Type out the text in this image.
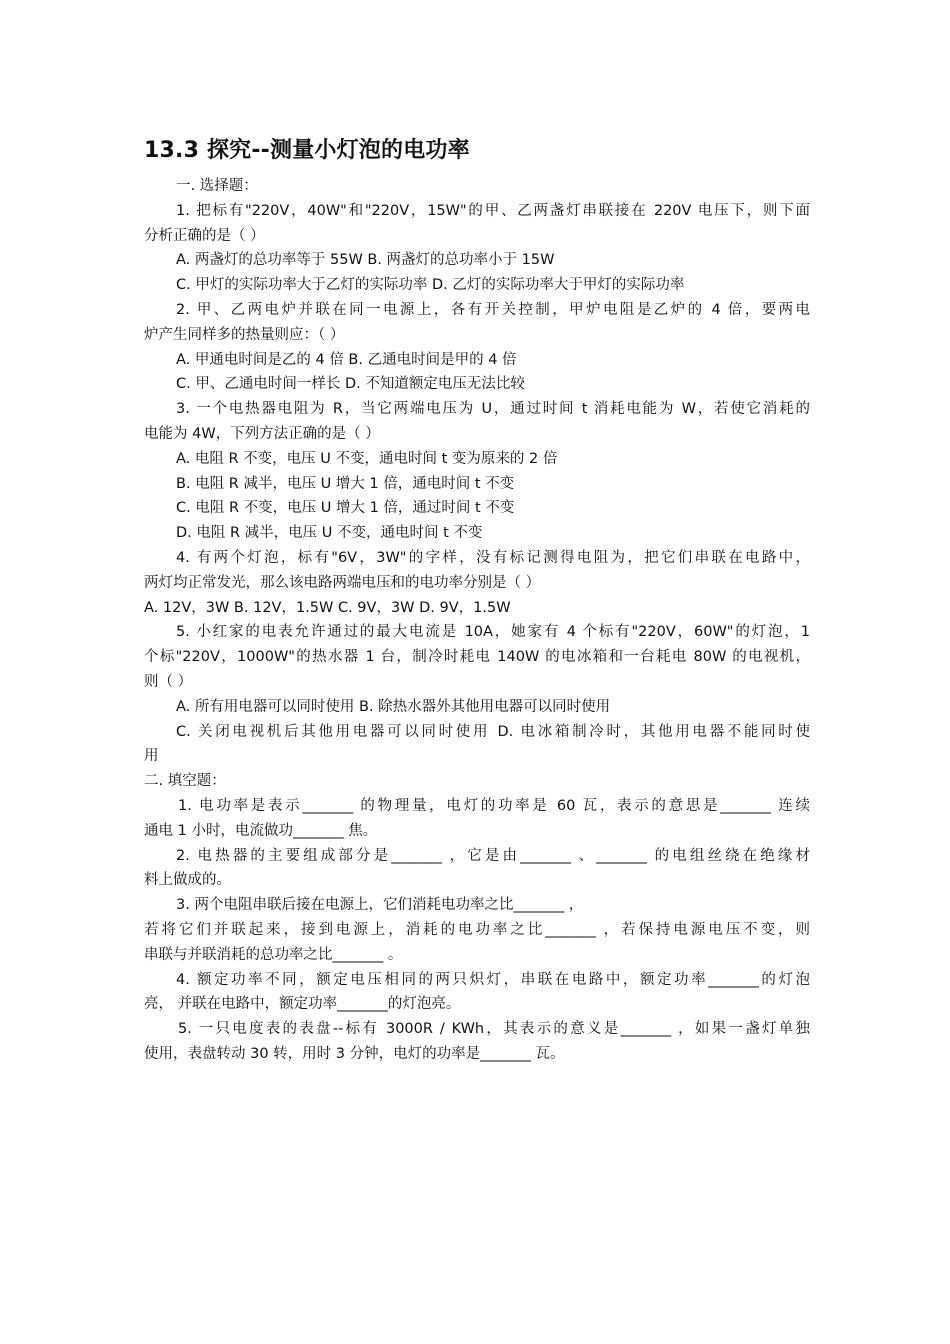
13.3 探究--测量小灯泡的电功率
一. 选择题：
1. 把标有"220V，40W"和"220V，15W"的甲、乙两盏灯串联接在 220V 电压下，则下面
分析正确的是（ ）
A. 两盏灯的总功率等于 55W B. 两盏灯的总功率小于 15W
C. 甲灯的实际功率大于乙灯的实际功率 D. 乙灯的实际功率大于甲灯的实际功率
2. 甲、乙两电炉并联在同一电源上，各有开关控制，甲炉电阻是乙炉的 4 倍，要两电
炉产生同样多的热量则应：（ ）
A. 甲通电时间是乙的 4 倍 B. 乙通电时间是甲的 4 倍
C. 甲、乙通电时间一样长 D. 不知道额定电压无法比较
3. 一个电热器电阻为 R，当它两端电压为 U，通过时间 t 消耗电能为 W，若使它消耗的
电能为 4W，下列方法正确的是（ ）
A. 电阻 R 不变，电压 U 不变，通电时间 t 变为原来的 2 倍
B. 电阻 R 减半，电压 U 增大 1 倍，通电时间 t 不变
C. 电阻 R 不变，电压 U 增大 1 倍，通过时间 t 不变
D. 电阻 R 减半，电压 U 不变，通电时间 t 不变
4. 有两个灯泡，标有"6V，3W"的字样，没有标记测得电阻为，把它们串联在电路中，
两灯均正常发光，那么该电路两端电压和的电功率分别是（ ）
A. 12V，3W B. 12V，1.5W C. 9V，3W D. 9V，1.5W
5. 小红家的电表允许通过的最大电流是 10A，她家有 4 个标有"220V，60W"的灯泡，1
个标"220V，1000W"的热水器 1 台，制冷时耗电 140W 的电冰箱和一台耗电 80W 的电视机，
则（ ）
A. 所有用电器可以同时使用 B. 除热水器外其他用电器可以同时使用
C. 关闭电视机后其他用电器可以同时使用 D. 电冰箱制冷时，其他用电器不能同时使
用
二. 填空题：
1. 电功率是表示_______ 的物理量，电灯的功率是 60 瓦，表示的意思是_______ 连续
通电 1 小时，电流做功_______ 焦。
2. 电热器的主要组成部分是_______ ，它是由_______ 、_______ 的电组丝绕在绝缘材
料上做成的。
3. 两个电阻串联后接在电源上，它们消耗电功率之比_______ ，
若将它们并联起来，接到电源上，消耗的电功率之比_______ ，若保持电源电压不变，则
串联与并联消耗的总功率之比_______ 。
4. 额定功率不同，额定电压相同的两只炽灯，串联在电路中，额定功率_______的灯泡
亮， 并联在电路中，额定功率_______的灯泡亮。
5. 一只电度表的表盘--标有 3000R / KWh，其表示的意义是_______ ，如果一盏灯单独
使用，表盘转动 30 转，用时 3 分钟，电灯的功率是_______ 瓦。
